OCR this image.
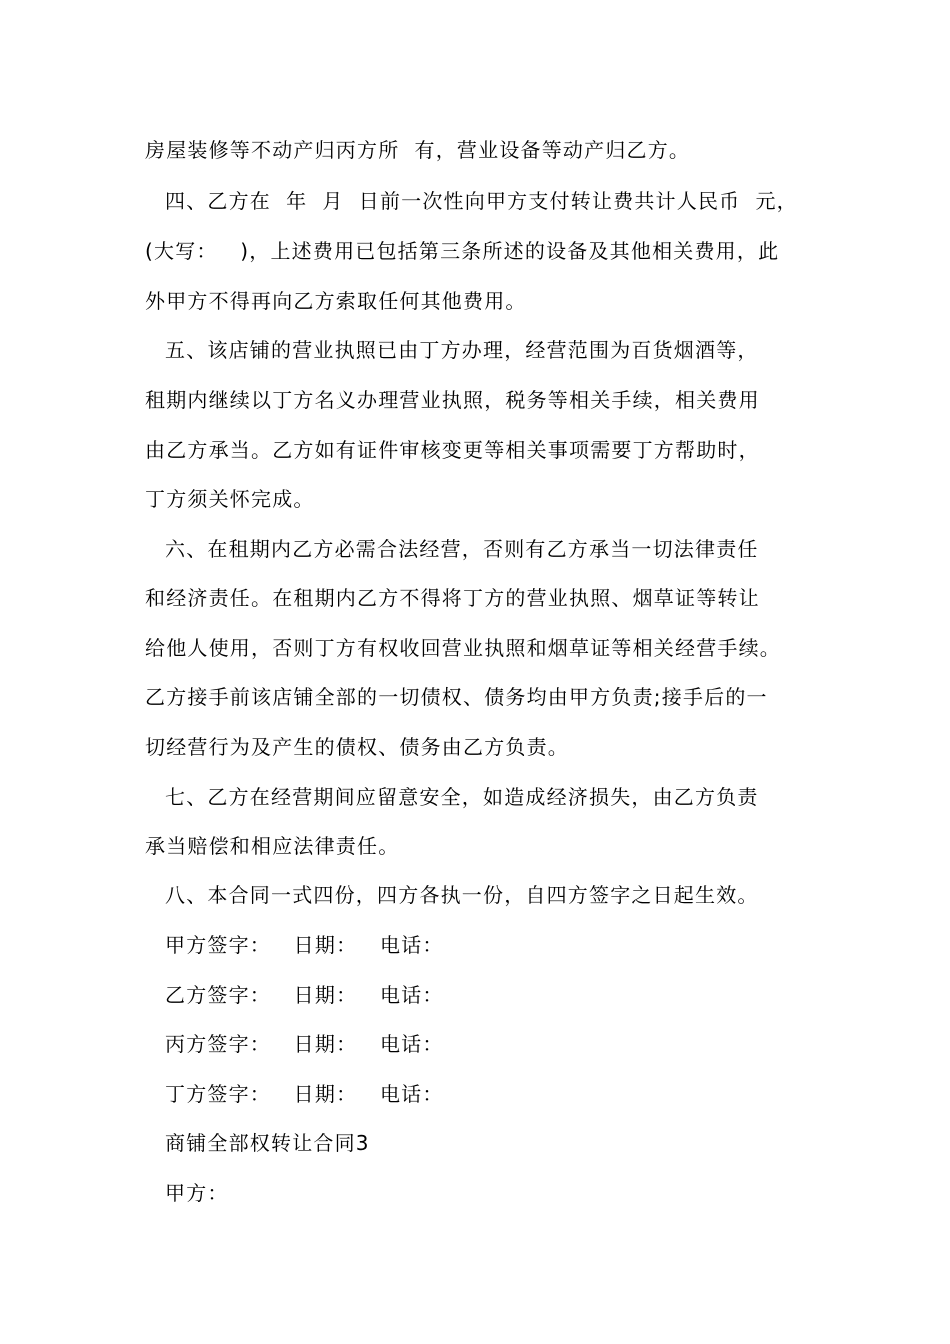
房屋装修等不动产归丙方所  有，营业设备等动产归乙方。
四、乙方在  年  月  日前一次性向甲方支付转让费共计人民币  元，
(大写：   )，上述费用已包括第三条所述的设备及其他相关费用，此
外甲方不得再向乙方索取任何其他费用。
五、该店铺的营业执照已由丁方办理，经营范围为百货烟酒等，
租期内继续以丁方名义办理营业执照，税务等相关手续，相关费用
由乙方承当。乙方如有证件审核变更等相关事项需要丁方帮助时，
丁方须关怀完成。
六、在租期内乙方必需合法经营，否则有乙方承当一切法律责任
和经济责任。在租期内乙方不得将丁方的营业执照、烟草证等转让
给他人使用，否则丁方有权收回营业执照和烟草证等相关经营手续。
乙方接手前该店铺全部的一切债权、债务均由甲方负责;接手后的一
切经营行为及产生的债权、债务由乙方负责。
七、乙方在经营期间应留意安全，如造成经济损失，由乙方负责
承当赔偿和相应法律责任。
八、本合同一式四份，四方各执一份，自四方签字之日起生效。
甲方签字：   日期：   电话：
乙方签字：   日期：   电话：
丙方签字：   日期：   电话：
丁方签字：   日期：   电话：
商铺全部权转让合同3
甲方：
